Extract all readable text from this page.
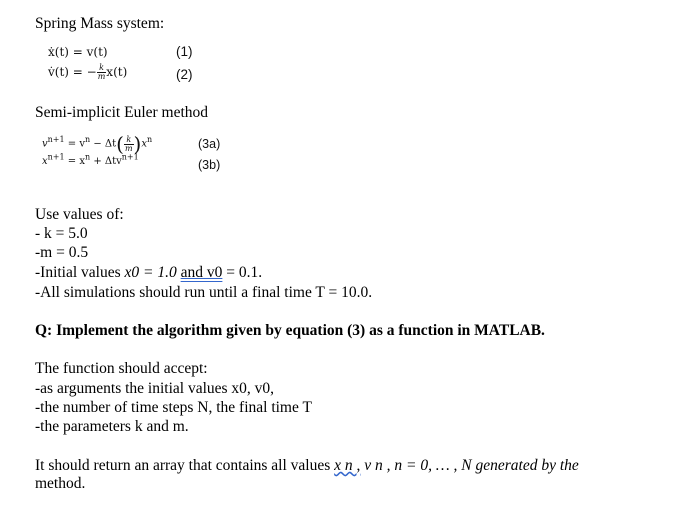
Spring Mass system:
ẋ(t) = v(t)	(1)
v̇(t) = − $\frac{k}{m} x(t)$	(2)
Semi-implicit Euler method
$v^{n+1} = v^n - \Delta t( \frac{k}{m} )x^n$	(3a)
$x^{n+1} = x^n + \Delta tv^{n+1}$
(3b)
Use values of:
- k = 5.0
-m = 0.5
-Initial values x0 = 1.0 and v0 = 0.1.
-All simulations should run until a final time T = 10.0.
Q: Implement the algorithm given by equation (3) as a function in MATLAB.
The function should accept:
-as arguments the initial values x0, v0,
-the number of time steps N, the final time T
-the parameters k and m.
It should return an array that contains all values x n , v n , n = 0, … , N generated by the
method.
